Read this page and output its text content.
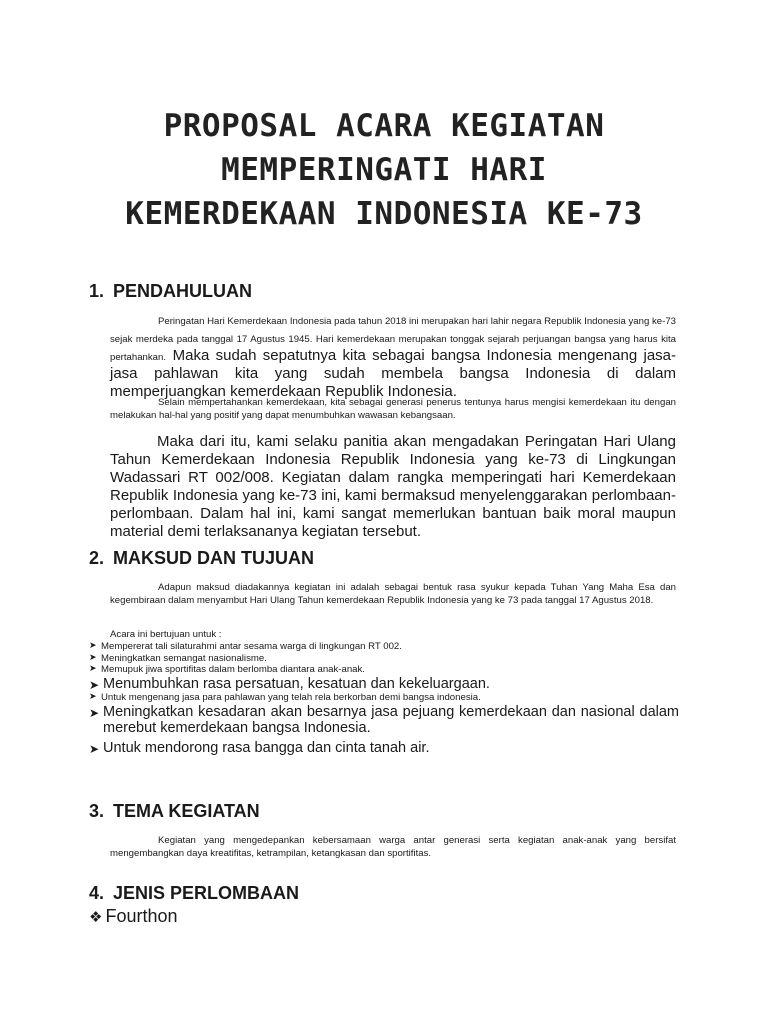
PROPOSAL ACARA KEGIATAN
MEMPERINGATI HARI
KEMERDEKAAN INDONESIA KE-73
1. PENDAHULUAN

Peringatan Hari Kemerdekaan Indonesia pada tahun 2018 ini merupakan hari lahir negara Republik Indonesia yang ke-73 sejak merdeka pada tanggal 17 Agustus 1945. Hari kemerdekaan merupakan tonggak sejarah perjuangan bangsa yang harus kita pertahankan. Maka sudah sepatutnya kita sebagai bangsa Indonesia mengenang jasa-jasa pahlawan kita yang sudah membela bangsa Indonesia di dalam memperjuangkan kemerdekaan Republik Indonesia.

Selain mempertahankan kemerdekaan, kita sebagai generasi penerus tentunya harus mengisi kemerdekaan itu dengan melakukan hal-hal yang positif yang dapat menumbuhkan wawasan kebangsaan.

Maka dari itu, kami selaku panitia akan mengadakan Peringatan Hari Ulang Tahun Kemerdekaan Indonesia Republik Indonesia yang ke-73 di Lingkungan Wadassari RT 002/008. Kegiatan dalam rangka memperingati hari Kemerdekaan Republik Indonesia yang ke-73 ini, kami bermaksud menyelenggarakan perlombaan-perlombaan. Dalam hal ini, kami sangat memerlukan bantuan baik moral maupun material demi terlaksananya kegiatan tersebut.

2. MAKSUD DAN TUJUAN

Adapun maksud diadakannya kegiatan ini adalah sebagai bentuk rasa syukur kepada Tuhan Yang Maha Esa dan kegembiraan dalam menyambut Hari Ulang Tahun kemerdekaan Republik Indonesia yang ke 73 pada tanggal 17 Agustus 2018.

Acara ini bertujuan untuk :

➤ Mempererat tali silaturahmi antar sesama warga di lingkungan RT 002.
➤ Meningkatkan semangat nasionalisme.
➤ Memupuk jiwa sportifitas dalam berlomba diantara anak-anak.
➤ Menumbuhkan rasa persatuan, kesatuan dan kekeluargaan.
➤ Untuk mengenang jasa para pahlawan yang telah rela berkorban demi bangsa indonesia.
➤ Meningkatkan kesadaran akan besarnya jasa pejuang kemerdekaan dan nasional dalam merebut kemerdekaan bangsa Indonesia.
➤ Untuk mendorong rasa bangga dan cinta tanah air.
3. TEMA KEGIATAN

Kegiatan yang mengedepankan kebersamaan warga antar generasi serta kegiatan anak-anak yang bersifat mengembangkan daya kreatifitas, ketrampilan, ketangkasan dan sportifitas.

4. JENIS PERLOMBAAN

❖ Fourthon
